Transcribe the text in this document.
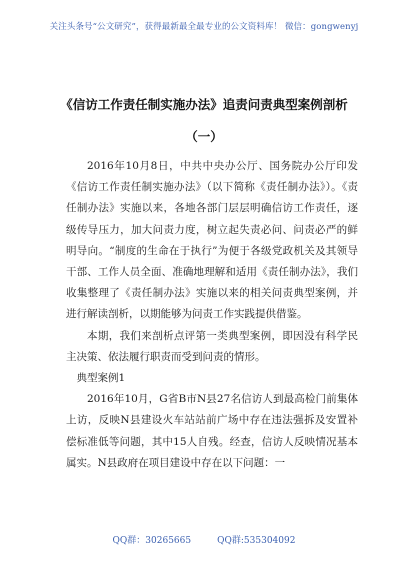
关注头条号“公文研究”，获得最新最全最专业的公文资料库！ 微信：gongwenyj
《信访工作责任制实施办法》追责问责典型案例剖析
（一）

2016年10月8日，中共中央办公厅、国务院办公厅印发《信访工作责任制实施办法》（以下简称《责任制办法》）。《责任制办法》实施以来，各地各部门层层明确信访工作责任，逐级传导压力，加大问责力度，树立起失责必问、问责必严的鲜明导向。“制度的生命在于执行”为便于各级党政机关及其领导干部、工作人员全面、准确地理解和适用《责任制办法》，我们收集整理了《责任制办法》实施以来的相关问责典型案例，并进行解读剖析，以期能够为问责工作实践提供借鉴。

本期，我们来剖析点评第一类典型案例，即因没有科学民主决策、依法履行职责而受到问责的情形。

典型案例1

2016年10月，G省B市N县27名信访人到最高检门前集体上访，反映N县建设火车站站前广场中存在违法强拆及安置补偿标准低等问题，其中15人自残。经查，信访人反映情况基本属实。N县政府在项目建设中存在以下问题：一

QQ群：30265665	QQ群:535304092
